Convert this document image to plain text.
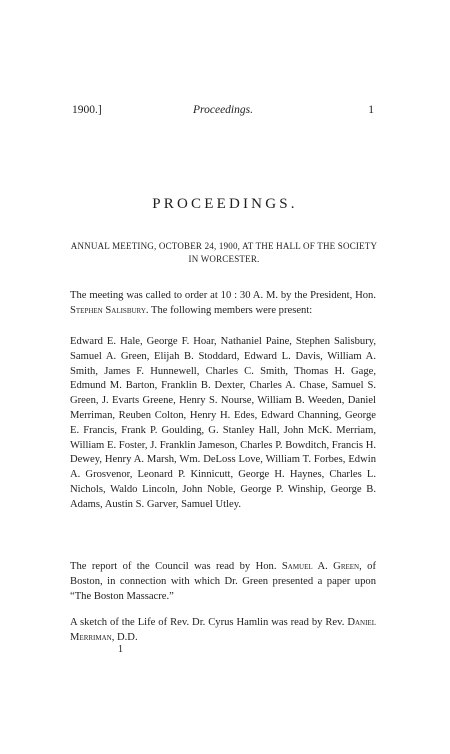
1900.]	Proceedings.	1
PROCEEDINGS.
ANNUAL MEETING, OCTOBER 24, 1900, AT THE HALL OF THE SOCIETY IN WORCESTER.
The meeting was called to order at 10 : 30 A. M. by the President, Hon. Stephen Salisbury. The following members were present:
Edward E. Hale, George F. Hoar, Nathaniel Paine, Stephen Salisbury, Samuel A. Green, Elijah B. Stoddard, Edward L. Davis, William A. Smith, James F. Hunnewell, Charles C. Smith, Thomas H. Gage, Edmund M. Barton, Franklin B. Dexter, Charles A. Chase, Samuel S. Green, J. Evarts Greene, Henry S. Nourse, William B. Weeden, Daniel Merriman, Reuben Colton, Henry H. Edes, Edward Channing, George E. Francis, Frank P. Goulding, G. Stanley Hall, John McK. Merriam, William E. Foster, J. Franklin Jameson, Charles P. Bowditch, Francis H. Dewey, Henry A. Marsh, Wm. DeLoss Love, William T. Forbes, Edwin A. Grosvenor, Leonard P. Kinnicutt, George H. Haynes, Charles L. Nichols, Waldo Lincoln, John Noble, George P. Winship, George B. Adams, Austin S. Garver, Samuel Utley.
The report of the Council was read by Hon. Samuel A. Green, of Boston, in connection with which Dr. Green presented a paper upon “The Boston Massacre.”
A sketch of the Life of Rev. Dr. Cyrus Hamlin was read by Rev. Daniel Merriman, D.D.
1
